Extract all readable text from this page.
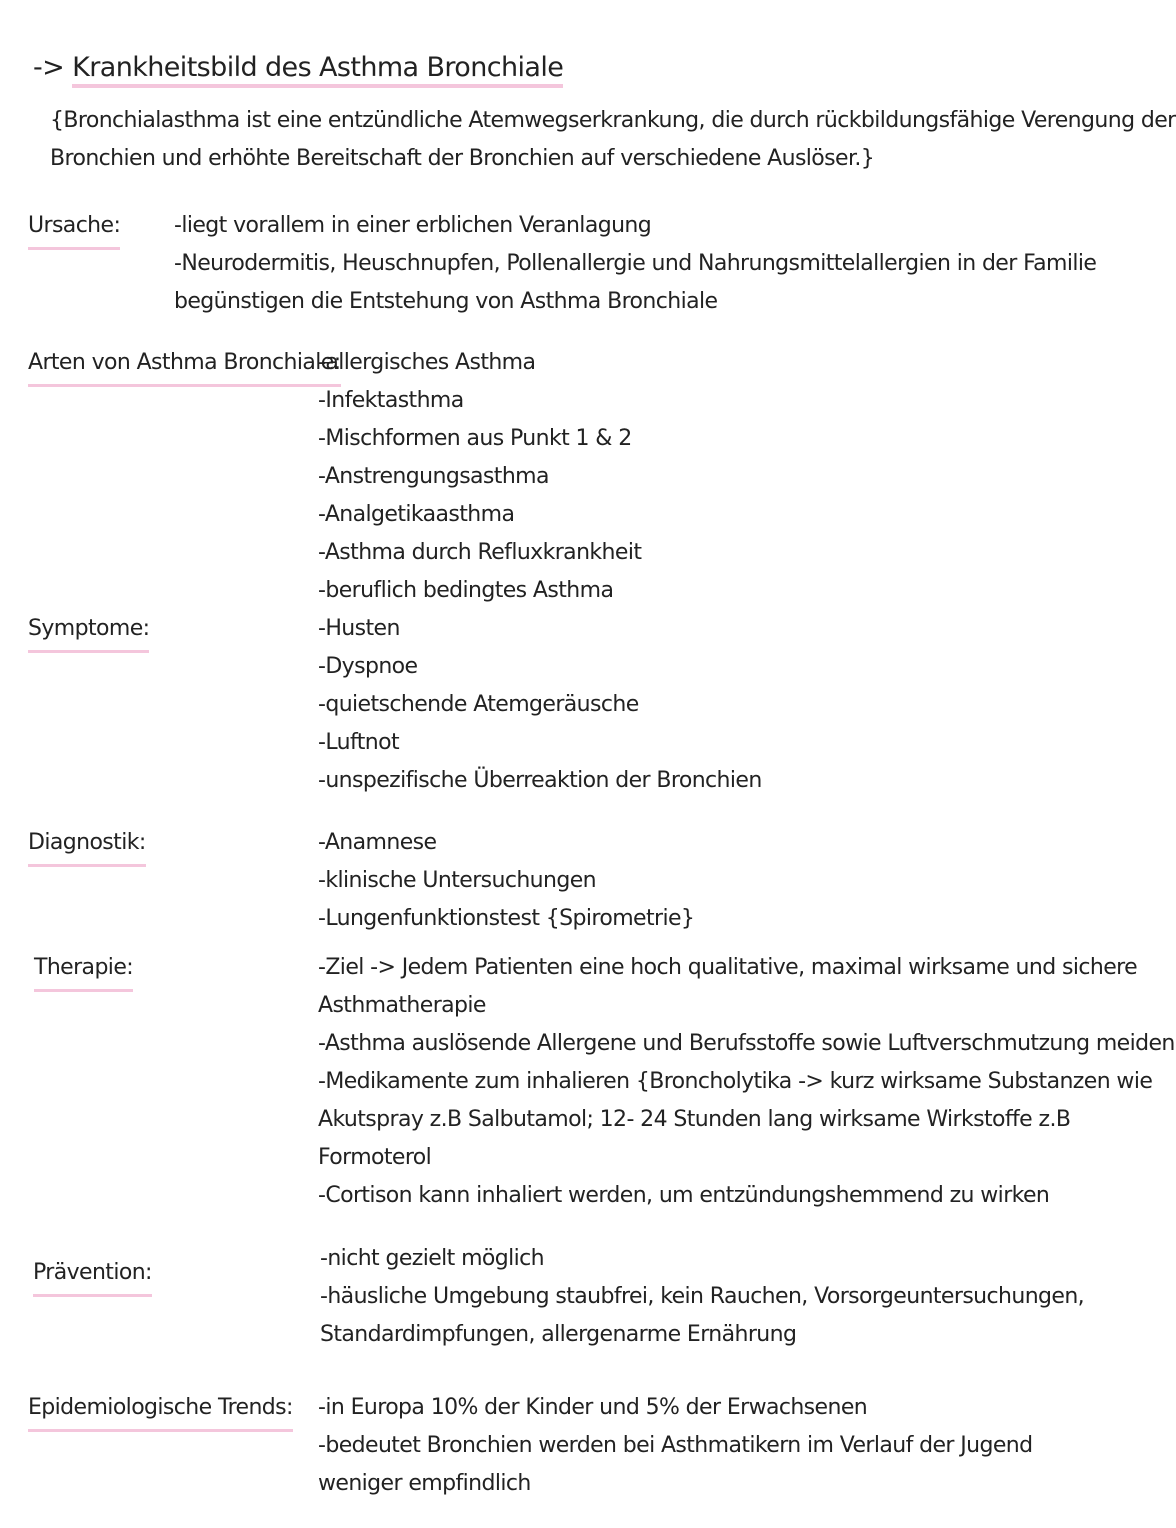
-> Krankheitsbild des Asthma Bronchiale
{Bronchialasthma ist eine entzündliche Atemwegserkrankung, die durch rückbildungsfähige Verengung der
Bronchien und erhöhte Bereitschaft der Bronchien auf verschiedene Auslöser.}
Ursache: -liegt vorallem in einer erblichen Veranlagung
-Neurodermitis, Heuschnupfen, Pollenallergie und Nahrungsmittelallergien in der Familie
begünstigen die Entstehung von Asthma Bronchiale
Arten von Asthma Bronchiale:
-allergisches Asthma
-Infektasthma
-Mischformen aus Punkt 1 & 2
-Anstrengungsasthma
-Analgetikaasthma
-Asthma durch Refluxkrankheit
-beruflich bedingtes Asthma
Symptome:	-Husten
-Dyspnoe
-quietschende Atemgeräusche
-Luftnot
-unspezifische Überreaktion der Bronchien
Diagnostik:	-Anamnese
-klinische Untersuchungen
-Lungenfunktionstest {Spirometrie}
Therapie:	-Ziel -> Jedem Patienten eine hoch qualitative, maximal wirksame und sichere
Asthmatherapie
-Asthma auslösende Allergene und Berufsstoffe sowie Luftverschmutzung meiden
-Medikamente zum inhalieren {Broncholytika -> kurz wirksame Substanzen wie
Akutspray z.B Salbutamol; 12- 24 Stunden lang wirksame Wirkstoffe z.B
Formoterol
-Cortison kann inhaliert werden, um entzündungshemmend zu wirken
Prävention:
-nicht gezielt möglich
-häusliche Umgebung staubfrei, kein Rauchen, Vorsorgeuntersuchungen,
Standardimpfungen, allergenarme Ernährung
Epidemiologische Trends: -in Europa 10% der Kinder und 5% der Erwachsenen
-bedeutet Bronchien werden bei Asthmatikern im Verlauf der Jugend
weniger empfindlich
